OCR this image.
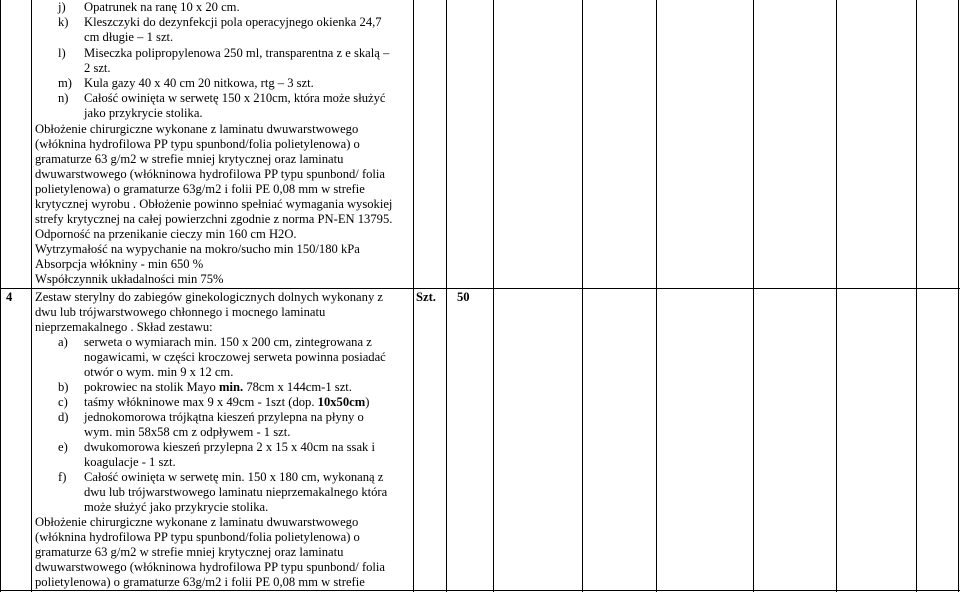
j) Opatrunek na ranę 10 x 20 cm.
k) Kleszczyki do dezynfekcji pola operacyjnego okienka 24,7
cm długie – 1 szt.
l) Miseczka polipropylenowa 250 ml, transparentna z e skalą –
2 szt.
m) Kula gazy 40 x 40 cm 20 nitkowa, rtg – 3 szt.
n) Całość owinięta w serwetę 150 x 210cm, która może służyć
jako przykrycie stolika.
Obłożenie chirurgiczne wykonane z laminatu dwuwarstwowego
(włóknina hydrofilowa PP typu spunbond/folia polietylenowa) o
gramaturze 63 g/m2 w strefie mniej krytycznej oraz laminatu
dwuwarstwowego (włókninowa hydrofilowa PP typu spunbond/ folia
polietylenowa) o gramaturze 63g/m2 i folii PE 0,08 mm w strefie
krytycznej wyrobu . Obłożenie powinno spełniać wymagania wysokiej
strefy krytycznej na całej powierzchni zgodnie z norma PN-EN 13795.
Odporność na przenikanie cieczy min 160 cm H2O.
Wytrzymałość na wypychanie na mokro/sucho min 150/180 kPa
Absorpcja włókniny - min 650 %
Współczynnik układalności min 75%
4	Szt. 50
Zestaw sterylny do zabiegów ginekologicznych dolnych wykonany z
dwu lub trójwarstwowego chłonnego i mocnego laminatu
nieprzemakalnego . Skład zestawu:
a) serweta o wymiarach min. 150 x 200 cm, zintegrowana z
nogawicami, w części kroczowej serweta powinna posiadać
otwór o wym. min 9 x 12 cm.
b) pokrowiec na stolik Mayo min. 78cm x 144cm-1 szt.
c) taśmy włókninowe max 9 x 49cm - 1szt (dop. 10x50cm)
d) jednokomorowa trójkątna kieszeń przylepna na płyny o
wym. min 58x58 cm z odpływem - 1 szt.
e) dwukomorowa kieszeń przylepna 2 x 15 x 40cm na ssak i
koagulacje - 1 szt.
f) Całość owinięta w serwetę min. 150 x 180 cm, wykonaną z
dwu lub trójwarstwowego laminatu nieprzemakalnego która
może służyć jako przykrycie stolika.
Obłożenie chirurgiczne wykonane z laminatu dwuwarstwowego
(włóknina hydrofilowa PP typu spunbond/folia polietylenowa) o
gramaturze 63 g/m2 w strefie mniej krytycznej oraz laminatu
dwuwarstwowego (włókninowa hydrofilowa PP typu spunbond/ folia
polietylenowa) o gramaturze 63g/m2 i folii PE 0,08 mm w strefie
